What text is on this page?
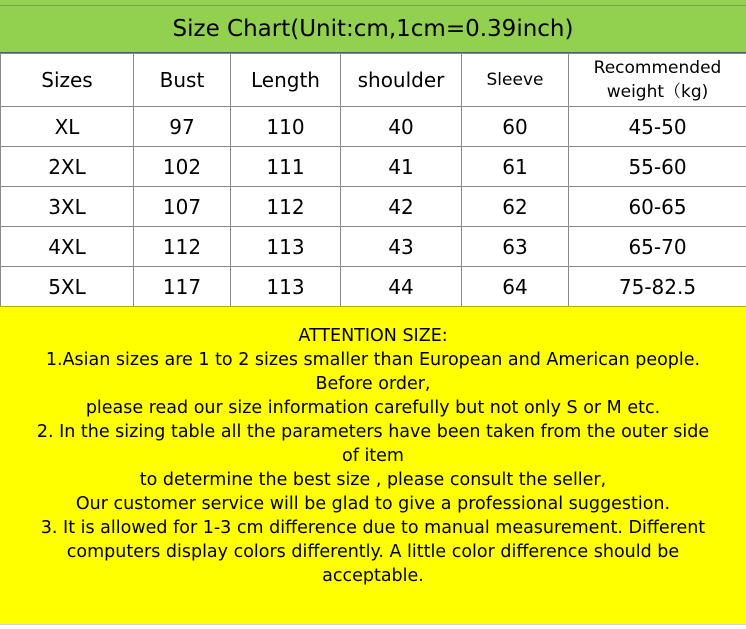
Size Chart(Unit:cm,1cm=0.39inch)
Sizes	Bust	Length	shoulder	Sleeve	Recommended
weight（kg)
XL	97	110	40	60	45-50
2XL	102	111	41	61	55-60
3XL	107	112	42	62	60-65
4XL	112	113	43	63	65-70
5XL	117	113	44	64	75-82.5
ATTENTION SIZE:
1.Asian sizes are 1 to 2 sizes smaller than European and American people.
Before order,
please read our size information carefully but not only S or M etc.
2. In the sizing table all the parameters have been taken from the outer side
of item
to determine the best size , please consult the seller,
Our customer service will be glad to give a professional suggestion.
3. It is allowed for 1-3 cm difference due to manual measurement. Different
computers display colors differently. A little color difference should be
acceptable.
